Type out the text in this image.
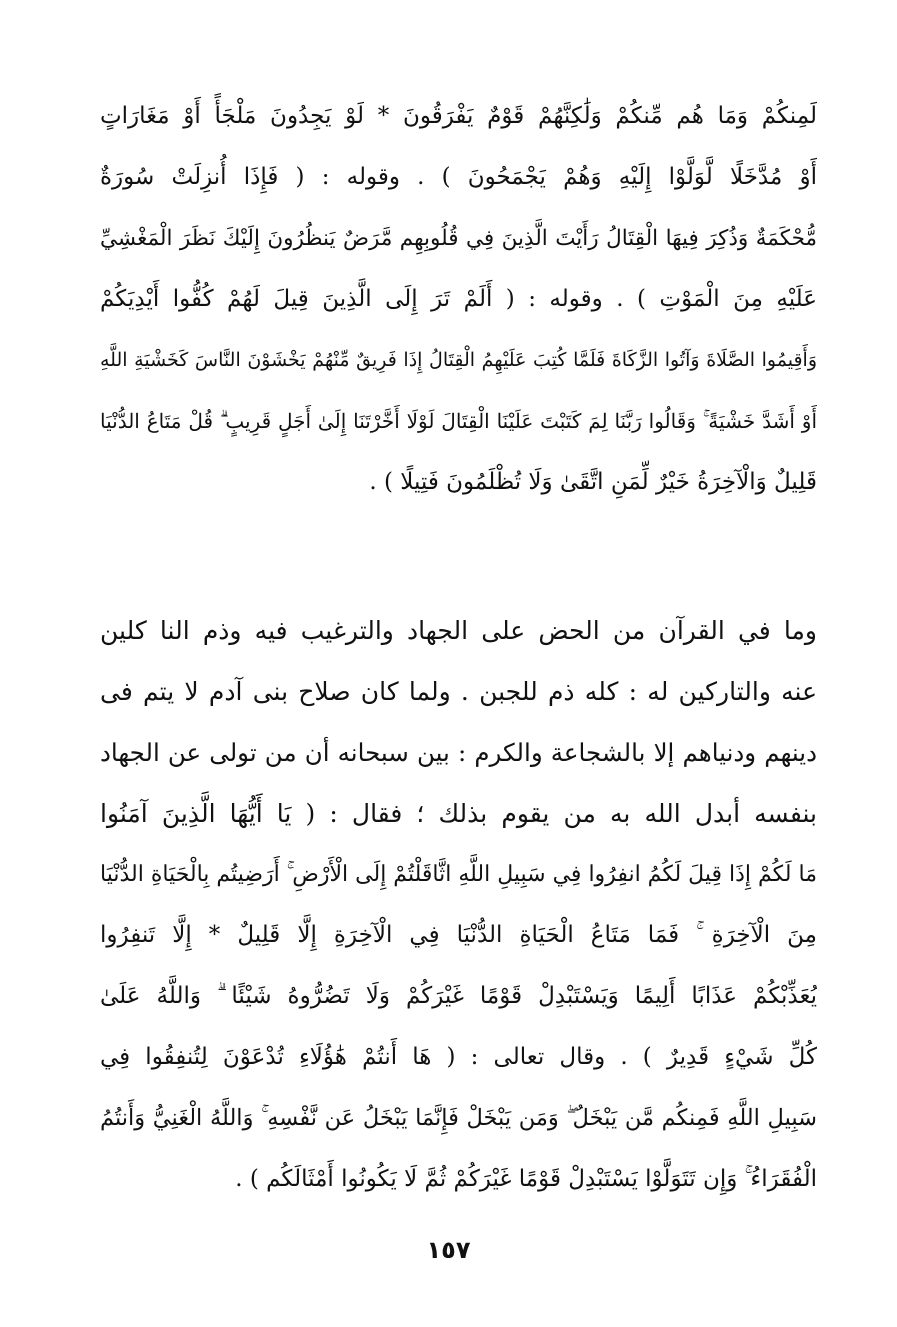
لَمِنكُمْ وَمَا هُم مِّنكُمْ وَلَٰكِنَّهُمْ قَوْمٌ يَفْرَقُونَ * لَوْ يَجِدُونَ مَلْجَأً أَوْ مَغَارَاتٍ
أَوْ مُدَّخَلًا لَّوَلَّوْا إِلَيْهِ وَهُمْ يَجْمَحُونَ ) . وقوله : ( فَإِذَا أُنزِلَتْ سُورَةٌ
مُّحْكَمَةٌ وَذُكِرَ فِيهَا الْقِتَالُ رَأَيْتَ الَّذِينَ فِي قُلُوبِهِم مَّرَضٌ يَنظُرُونَ إِلَيْكَ نَظَرَ الْمَغْشِيِّ
عَلَيْهِ مِنَ الْمَوْتِ ) . وقوله : ( أَلَمْ تَرَ إِلَى الَّذِينَ قِيلَ لَهُمْ كُفُّوا أَيْدِيَكُمْ
وَأَقِيمُوا الصَّلَاةَ وَآتُوا الزَّكَاةَ فَلَمَّا كُتِبَ عَلَيْهِمُ الْقِتَالُ إِذَا فَرِيقٌ مِّنْهُمْ يَخْشَوْنَ النَّاسَ كَخَشْيَةِ اللَّهِ
أَوْ أَشَدَّ خَشْيَةً ۚ وَقَالُوا رَبَّنَا لِمَ كَتَبْتَ عَلَيْنَا الْقِتَالَ لَوْلَا أَخَّرْتَنَا إِلَىٰ أَجَلٍ قَرِيبٍ ۗ قُلْ مَتَاعُ الدُّنْيَا
قَلِيلٌ وَالْآخِرَةُ خَيْرٌ لِّمَنِ اتَّقَىٰ وَلَا تُظْلَمُونَ فَتِيلًا ) .
وما في القرآن من الحض على الجهاد والترغيب فيه وذم النا كلين
عنه والتاركين له : كله ذم للجبن . ولما كان صلاح بنى آدم لا يتم فى
دينهم ودنياهم إلا بالشجاعة والكرم : بين سبحانه أن من تولى عن الجهاد
بنفسه أبدل الله به من يقوم بذلك ؛ فقال : ( يَا أَيُّهَا الَّذِينَ آمَنُوا
مَا لَكُمْ إِذَا قِيلَ لَكُمُ انفِرُوا فِي سَبِيلِ اللَّهِ اثَّاقَلْتُمْ إِلَى الْأَرْضِ ۚ أَرَضِيتُم بِالْحَيَاةِ الدُّنْيَا
مِنَ الْآخِرَةِ ۚ فَمَا مَتَاعُ الْحَيَاةِ الدُّنْيَا فِي الْآخِرَةِ إِلَّا قَلِيلٌ * إِلَّا تَنفِرُوا
يُعَذِّبْكُمْ عَذَابًا أَلِيمًا وَيَسْتَبْدِلْ قَوْمًا غَيْرَكُمْ وَلَا تَضُرُّوهُ شَيْئًا ۗ وَاللَّهُ عَلَىٰ
كُلِّ شَيْءٍ قَدِيرٌ ) . وقال تعالى : ( هَا أَنتُمْ هَٰؤُلَاءِ تُدْعَوْنَ لِتُنفِقُوا فِي
سَبِيلِ اللَّهِ فَمِنكُم مَّن يَبْخَلُ ۖ وَمَن يَبْخَلْ فَإِنَّمَا يَبْخَلُ عَن نَّفْسِهِ ۚ وَاللَّهُ الْغَنِيُّ وَأَنتُمُ
الْفُقَرَاءُ ۚ وَإِن تَتَوَلَّوْا يَسْتَبْدِلْ قَوْمًا غَيْرَكُمْ ثُمَّ لَا يَكُونُوا أَمْثَالَكُم ) .
١٥٧
